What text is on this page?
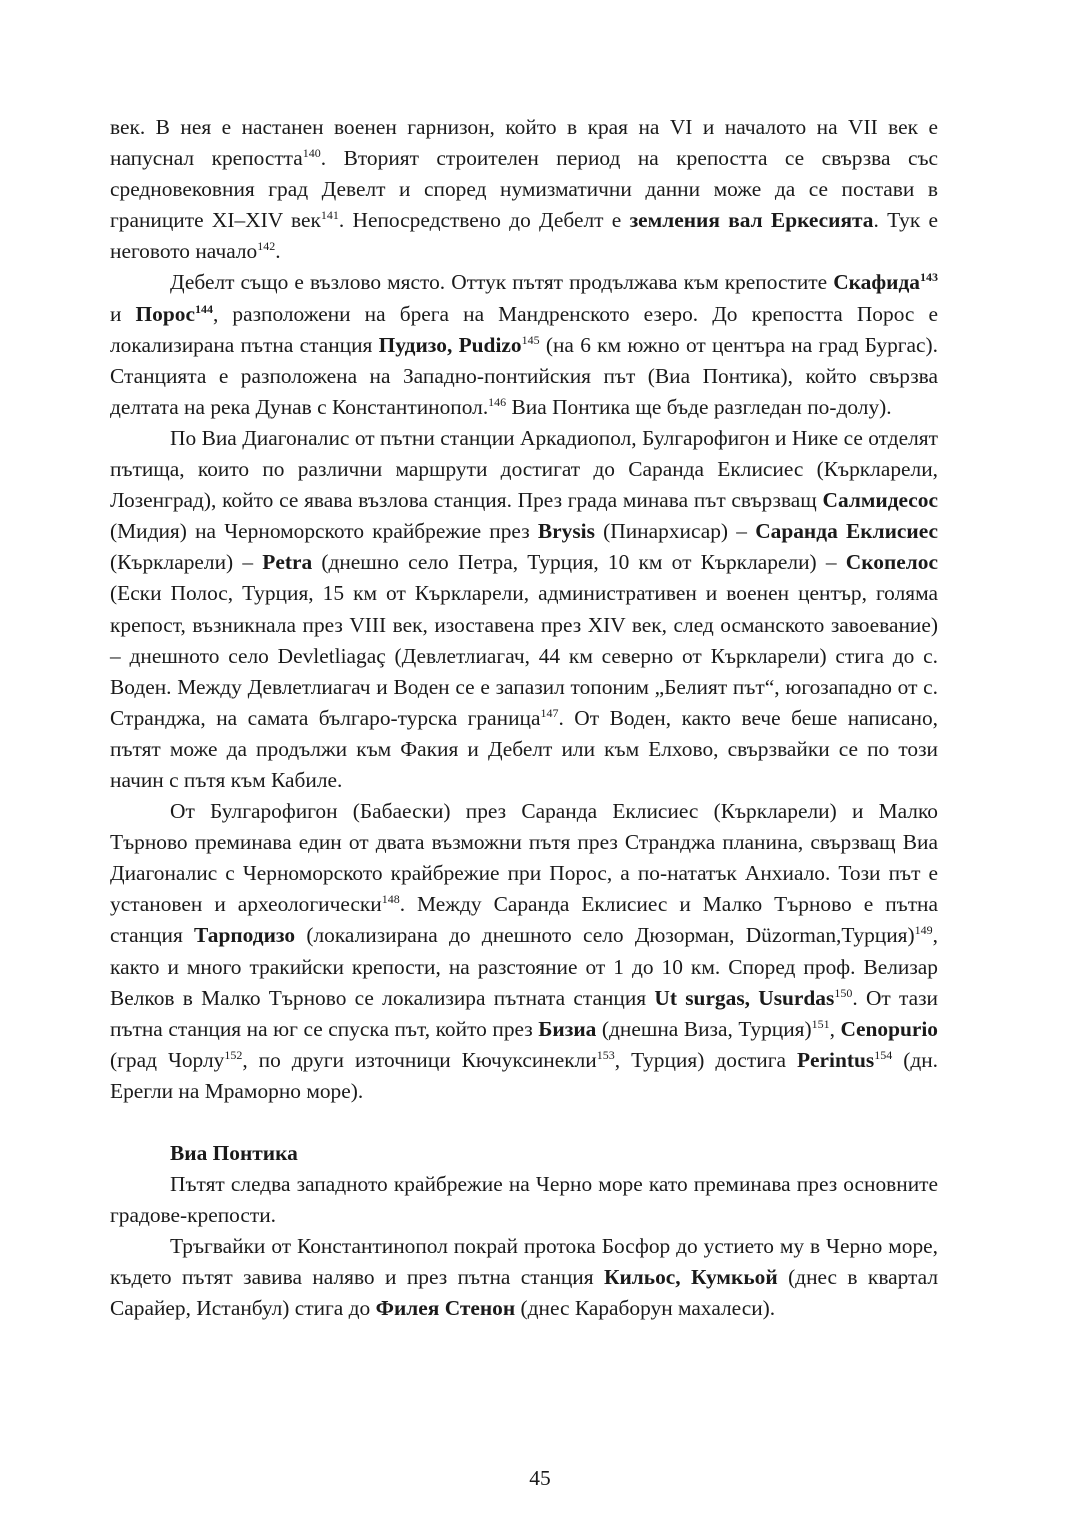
век. В нея е настанен военен гарнизон, който в края на VI и началото на VII век е напуснал крепостта$^{140}$. Вторият строителен период на крепостта се свързва със средновековния град Девелт и според нумизматични данни може да се постави в границите XI–XIV век$^{141}$. Непосредствено до Дебелт е земления вал Еркесията. Тук е неговото начало$^{142}$.

Дебелт също е възлово място. Оттук пътят продължава към крепостите Скафида$^{143}$ и Порос$^{144}$, разположени на брега на Мандренското езеро. До крепостта Порос е локализирана пътна станция Пудизо, Pudizo$^{145}$ (на 6 км южно от центъра на град Бургас). Станцията е разположена на Западно-понтийския път (Виа Понтика), който свързва делтата на река Дунав с Константинопол.$^{146}$ Виа Понтика ще бъде разгледан по-долу).

По Виа Диагоналис от пътни станции Аркадиопол, Булгарофигон и Нике се отделят пътища, които по различни маршрути достигат до Саранда Еклисиес (Къркларели, Лозенград), който се явава възлова станция. През града минава път свързващ Салмидесос (Мидия) на Черноморското крайбрежие през Brysis (Пинархисар) – Саранда Еклисиес (Къркларели) – Petra (днешно село Петра, Турция, 10 км от Къркларели) – Скопелос (Ески Полос, Турция, 15 км от Къркларели, административен и военен център, голяма крепост, възникнала през VIII век, изоставена през XIV век, след османското завоевание) – днешното село Devletliagaç (Девлетлиагач, 44 км северно от Къркларели) стига до с. Воден. Между Девлетлиагач и Воден се е запазил топоним „Белият път“, югозападно от с. Странджа, на самата българо-турска граница$^{147}$. От Воден, както вече беше написано, пътят може да продължи към Факия и Дебелт или към Елхово, свързвайки се по този начин с пътя към Кабиле.

От Булгарофигон (Бабаески) през Саранда Еклисиес (Къркларели) и Малко Търново преминава един от двата възможни пътя през Странджа планина, свързващ Виа Диагоналис с Черноморското крайбрежие при Порос, а по-нататък Анхиало. Този път е установен и археологически$^{148}$. Между Саранда Еклисиес и Малко Търново е пътна станция Тарподизо (локализирана до днешното село Дюзорман, Düzorman,Турция)$^{149}$, както и много тракийски крепости, на разстояние от 1 до 10 км. Според проф. Велизар Велков в Малко Търново се локализира пътната станция Ut surgas, Usurdas$^{150}$. От тази пътна станция на юг се спуска път, който през Бизиа (днешна Виза, Турция)$^{151}$, Cenopurio (град Чорлу$^{152}$, по други източници Кючуксинекли$^{153}$, Турция) достига Perintus$^{154}$ (дн. Ерегли на Мраморно море).

Виа Понтика

Пътят следва западното крайбрежие на Черно море като преминава през основните градове-крепости.

Тръгвайки от Константинопол покрай протока Босфор до устието му в Черно море, където пътят завива наляво и през пътна станция Кильос, Кумкьой (днес в квартал Сарайер, Истанбул) стига до Филея Стенон (днес Караборун махалеси).

45
